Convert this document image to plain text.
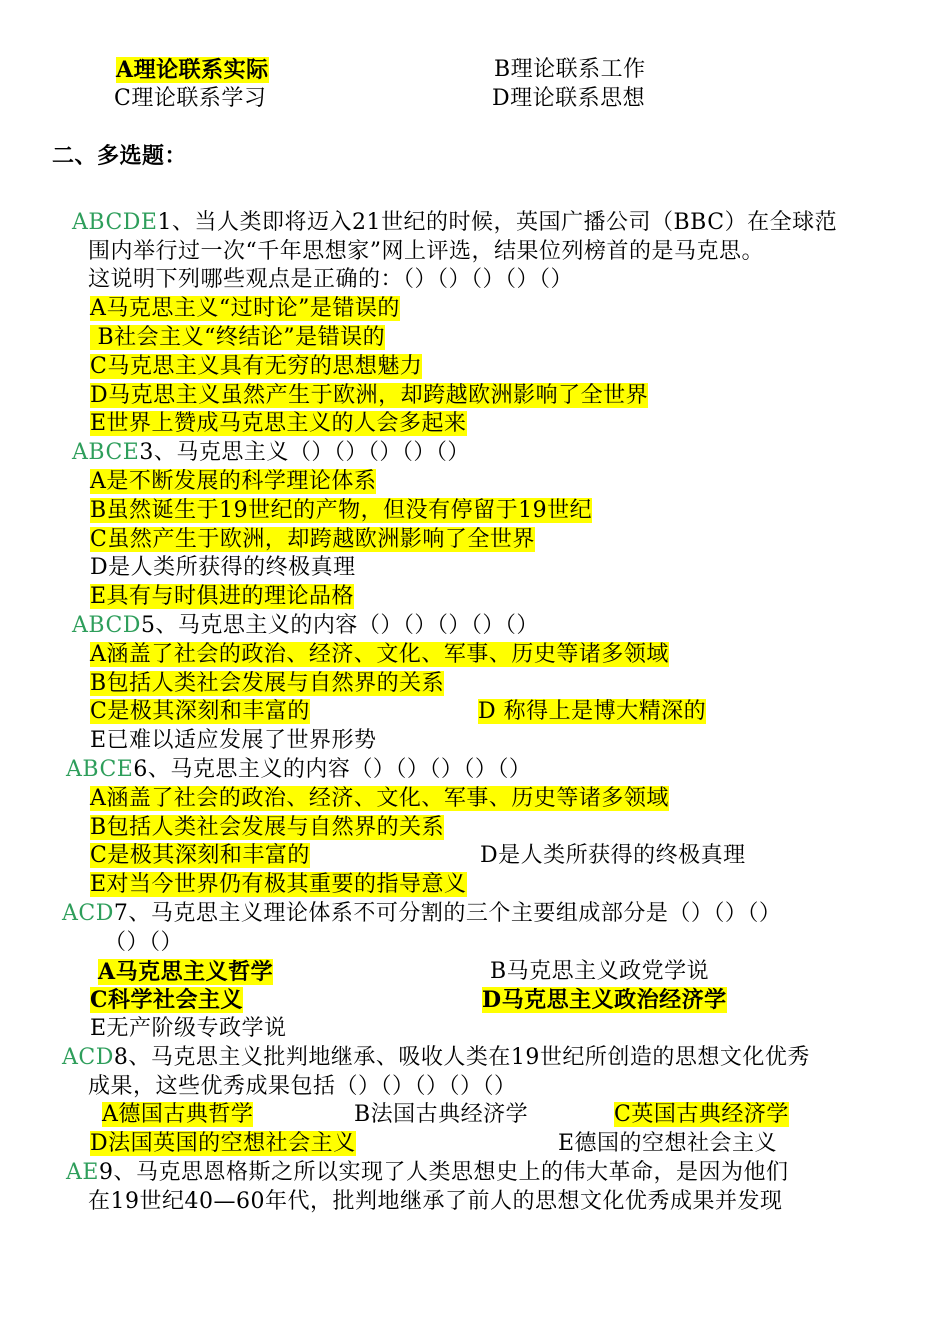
A理论联系实际	B理论联系工作
C理论联系学习	D理论联系思想
二、多选题：
ABCDE1、当人类即将迈入21世纪的时候，英国广播公司（BBC）在全球范
围内举行过一次“千年思想家”网上评选，结果位列榜首的是马克思。
这说明下列哪些观点是正确的：（）（）（）（）（）
A马克思主义“过时论”是错误的
B社会主义“终结论”是错误的
C马克思主义具有无穷的思想魅力
D马克思主义虽然产生于欧洲，却跨越欧洲影响了全世界
E世界上赞成马克思主义的人会多起来
ABCE3、马克思主义（）（）（）（）（）
A是不断发展的科学理论体系
B虽然诞生于19世纪的产物，但没有停留于19世纪
C虽然产生于欧洲，却跨越欧洲影响了全世界
D是人类所获得的终极真理
E具有与时俱进的理论品格
ABCD5、马克思主义的内容（）（）（）（）（）
A涵盖了社会的政治、经济、文化、军事、历史等诸多领域
B包括人类社会发展与自然界的关系
C是极其深刻和丰富的	D 称得上是博大精深的
E已难以适应发展了世界形势
ABCE6、马克思主义的内容（）（）（）（）（）
A涵盖了社会的政治、经济、文化、军事、历史等诸多领域
B包括人类社会发展与自然界的关系
C是极其深刻和丰富的	D是人类所获得的终极真理
E对当今世界仍有极其重要的指导意义
ACD7、马克思主义理论体系不可分割的三个主要组成部分是（）（）（）
（）（）
A马克思主义哲学	B马克思主义政党学说
C科学社会主义	D马克思主义政治经济学
E无产阶级专政学说
ACD8、马克思主义批判地继承、吸收人类在19世纪所创造的思想文化优秀
成果，这些优秀成果包括（）（）（）（）（）
A德国古典哲学	B法国古典经济学	C英国古典经济学
D法国英国的空想社会主义	E德国的空想社会主义
AE9、马克思恩格斯之所以实现了人类思想史上的伟大革命，是因为他们
在19世纪40—60年代，批判地继承了前人的思想文化优秀成果并发现
